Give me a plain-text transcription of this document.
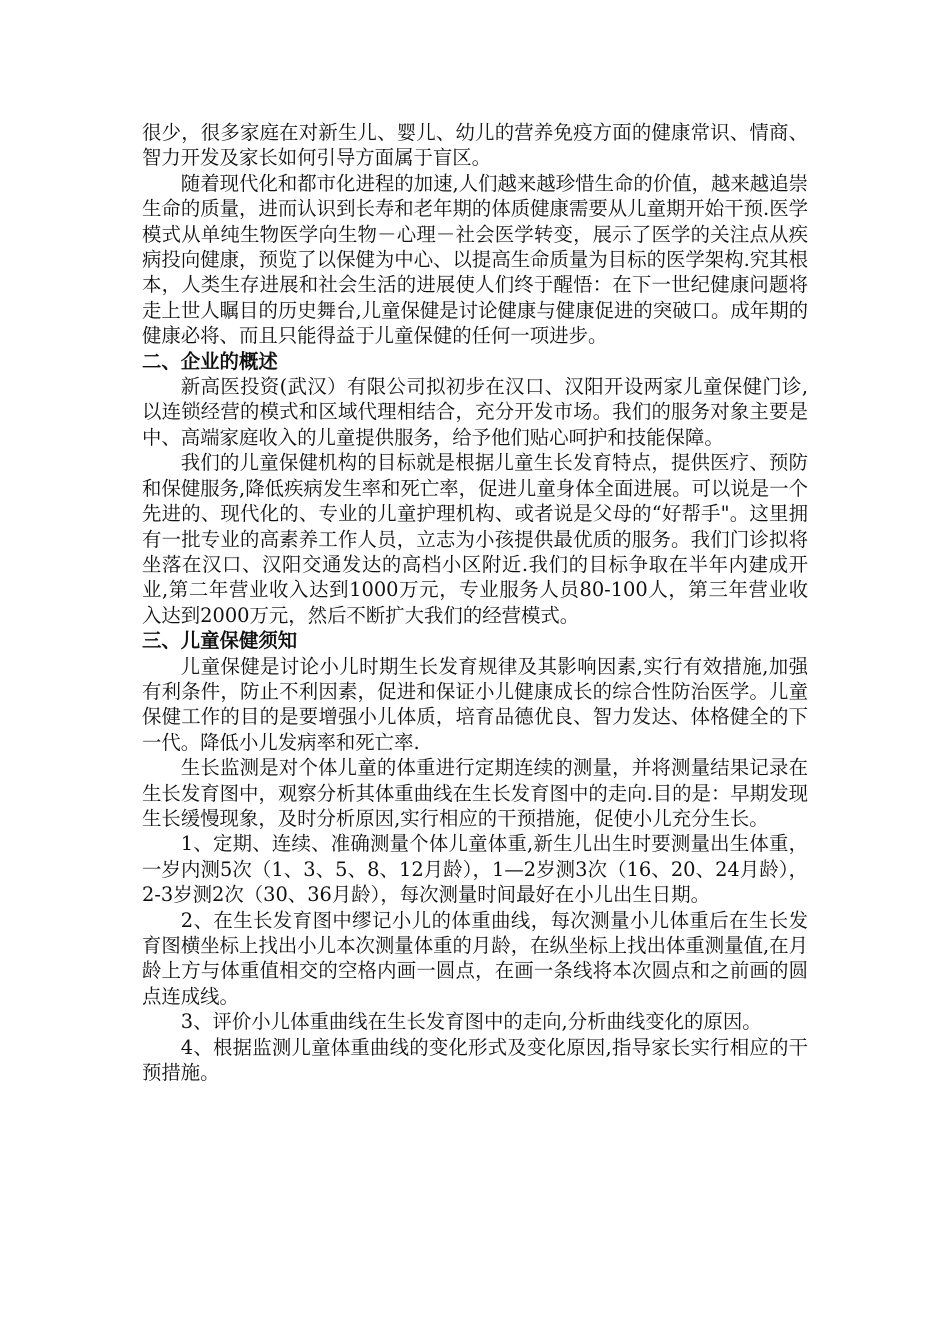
很少，很多家庭在对新生儿、婴儿、幼儿的营养免疫方面的健康常识、情商、智力开发及家长如何引导方面属于盲区。

随着现代化和都市化进程的加速,人们越来越珍惜生命的价值，越来越追崇生命的质量，进而认识到长寿和老年期的体质健康需要从儿童期开始干预.医学模式从单纯生物医学向生物－心理－社会医学转变，展示了医学的关注点从疾病投向健康，预览了以保健为中心、以提高生命质量为目标的医学架构.究其根本，人类生存进展和社会生活的进展使人们终于醒悟：在下一世纪健康问题将走上世人瞩目的历史舞台,儿童保健是讨论健康与健康促进的突破口。成年期的健康必将、而且只能得益于儿童保健的任何一项进步。

二、企业的概述

新高医投资(武汉）有限公司拟初步在汉口、汉阳开设两家儿童保健门诊,以连锁经营的模式和区域代理相结合，充分开发市场。我们的服务对象主要是中、高端家庭收入的儿童提供服务，给予他们贴心呵护和技能保障。

我们的儿童保健机构的目标就是根据儿童生长发育特点，提供医疗、预防和保健服务,降低疾病发生率和死亡率，促进儿童身体全面进展。可以说是一个先进的、现代化的、专业的儿童护理机构、或者说是父母的“好帮手"。这里拥有一批专业的高素养工作人员，立志为小孩提供最优质的服务。我们门诊拟将坐落在汉口、汉阳交通发达的高档小区附近.我们的目标争取在半年内建成开业,第二年营业收入达到1000万元，专业服务人员80-100人，第三年营业收入达到2000万元，然后不断扩大我们的经营模式。

三、儿童保健须知

儿童保健是讨论小儿时期生长发育规律及其影响因素,实行有效措施,加强有利条件，防止不利因素，促进和保证小儿健康成长的综合性防治医学。儿童保健工作的目的是要增强小儿体质，培育品德优良、智力发达、体格健全的下一代。降低小儿发病率和死亡率.

生长监测是对个体儿童的体重进行定期连续的测量，并将测量结果记录在生长发育图中，观察分析其体重曲线在生长发育图中的走向.目的是：早期发现生长缓慢现象，及时分析原因,实行相应的干预措施，促使小儿充分生长。

1、定期、连续、准确测量个体儿童体重,新生儿出生时要测量出生体重，一岁内测5次（1、3、5、8、12月龄），1—2岁测3次（16、20、24月龄），2-3岁测2次（30、36月龄），每次测量时间最好在小儿出生日期。

2、在生长发育图中缪记小儿的体重曲线，每次测量小儿体重后在生长发育图横坐标上找出小儿本次测量体重的月龄，在纵坐标上找出体重测量值,在月龄上方与体重值相交的空格内画一圆点，在画一条线将本次圆点和之前画的圆点连成线。

3、评价小儿体重曲线在生长发育图中的走向,分析曲线变化的原因。

4、根据监测儿童体重曲线的变化形式及变化原因,指导家长实行相应的干预措施。
